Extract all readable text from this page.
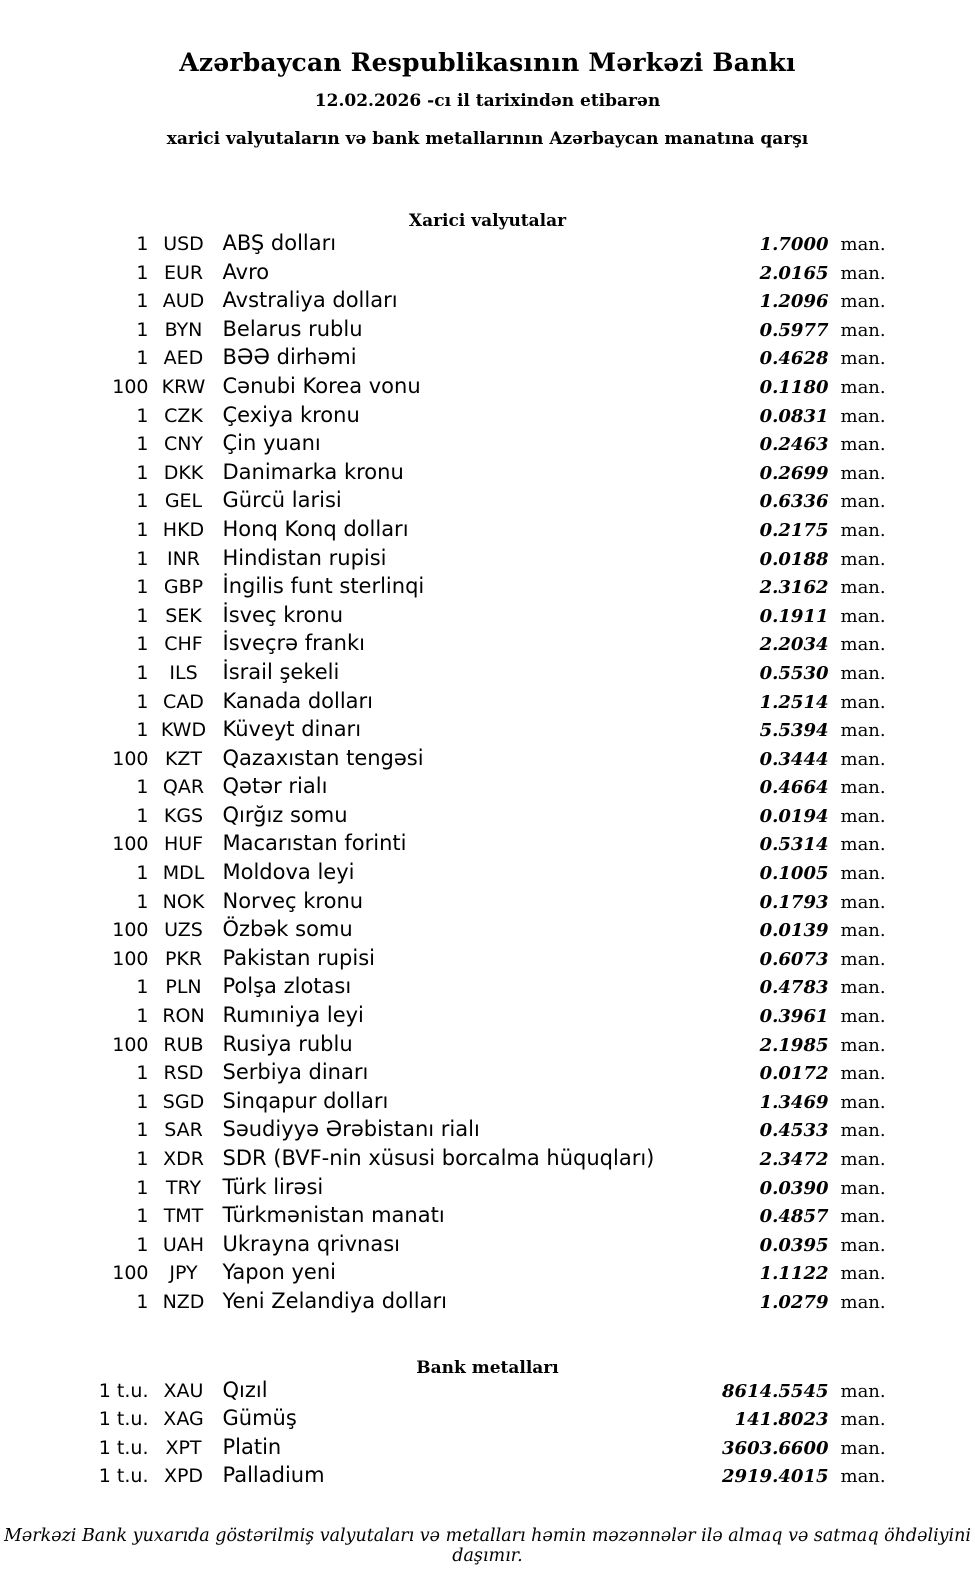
Azərbaycan Respublikasının Mərkəzi Bankı
12.02.2026 -cı il tarixindən etibarən
xarici valyutaların və bank metallarının Azərbaycan manatına qarşı
Xarici valyutalar
1	USD	ABŞ dolları	1.7000	man.
1	EUR	Avro	2.0165	man.
1	AUD	Avstraliya dolları	1.2096	man.
1	BYN	Belarus rublu	0.5977	man.
1	AED	BƏƏ dirhəmi	0.4628	man.
100	KRW	Cənubi Korea vonu	0.1180	man.
1	CZK	Çexiya kronu	0.0831	man.
1	CNY	Çin yuanı	0.2463	man.
1	DKK	Danimarka kronu	0.2699	man.
1	GEL	Gürcü larisi	0.6336	man.
1	HKD	Honq Konq dolları	0.2175	man.
1	INR	Hindistan rupisi	0.0188	man.
1	GBP	İngilis funt sterlinqi	2.3162	man.
1	SEK	İsveç kronu	0.1911	man.
1	CHF	İsveçrə frankı	2.2034	man.
1	ILS	İsrail şekeli	0.5530	man.
1	CAD	Kanada dolları	1.2514	man.
1	KWD	Küveyt dinarı	5.5394	man.
100	KZT	Qazaxıstan tengəsi	0.3444	man.
1	QAR	Qətər rialı	0.4664	man.
1	KGS	Qırğız somu	0.0194	man.
100	HUF	Macarıstan forinti	0.5314	man.
1	MDL	Moldova leyi	0.1005	man.
1	NOK	Norveç kronu	0.1793	man.
100	UZS	Özbək somu	0.0139	man.
100	PKR	Pakistan rupisi	0.6073	man.
1	PLN	Polşa zlotası	0.4783	man.
1	RON	Rumıniya leyi	0.3961	man.
100	RUB	Rusiya rublu	2.1985	man.
1	RSD	Serbiya dinarı	0.0172	man.
1	SGD	Sinqapur dolları	1.3469	man.
1	SAR	Səudiyyə Ərəbistanı rialı	0.4533	man.
1	XDR	SDR (BVF-nin xüsusi borcalma hüquqları)	2.3472	man.
1	TRY	Türk lirəsi	0.0390	man.
1	TMT	Türkmənistan manatı	0.4857	man.
1	UAH	Ukrayna qrivnası	0.0395	man.
100	JPY	Yapon yeni	1.1122	man.
1	NZD	Yeni Zelandiya dolları	1.0279	man.
Bank metalları
1 t.u.	XAU	Qızıl	8614.5545	man.
1 t.u.	XAG	Gümüş	141.8023	man.
1 t.u.	XPT	Platin	3603.6600	man.
1 t.u.	XPD	Palladium	2919.4015	man.
Mərkəzi Bank yuxarıda göstərilmiş valyutaları və metalları həmin məzənnələr ilə almaq və satmaq öhdəliyini daşımır.
